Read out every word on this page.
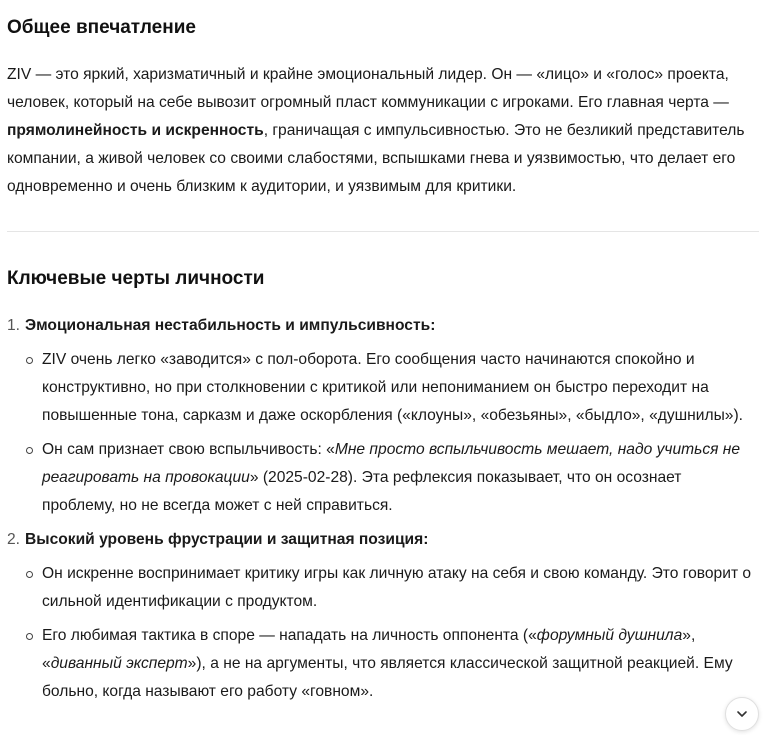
Общее впечатление

ZIV — это яркий, харизматичный и крайне эмоциональный лидер. Он — «лицо» и «голос» проекта, человек, который на себе вывозит огромный пласт коммуникации с игроками. Его главная черта — прямолинейность и искренность, граничащая с импульсивностью. Это не безликий представитель компании, а живой человек со своими слабостями, вспышками гнева и уязвимостью, что делает его одновременно и очень близким к аудитории, и уязвимым для критики.

Ключевые черты личности
1. Эмоциональная нестабильность и импульсивность:
ZIV очень легко «заводится» с пол-оборота. Его сообщения часто начинаются спокойно и конструктивно, но при столкновении с критикой или непониманием он быстро переходит на повышенные тона, сарказм и даже оскорбления («клоуны», «обезьяны», «быдло», «душнилы»).
Он сам признает свою вспыльчивость: «Мне просто вспыльчивость мешает, надо учиться не реагировать на провокации» (2025-02-28). Эта рефлексия показывает, что он осознает проблему, но не всегда может с ней справиться.
2. Высокий уровень фрустрации и защитная позиция:
Он искренне воспринимает критику игры как личную атаку на себя и свою команду. Это говорит о сильной идентификации с продуктом.
Его любимая тактика в споре — нападать на личность оппонента («форумный душнила», «диванный эксперт»), а не на аргументы, что является классической защитной реакцией. Ему больно, когда называют его работу «говном».
